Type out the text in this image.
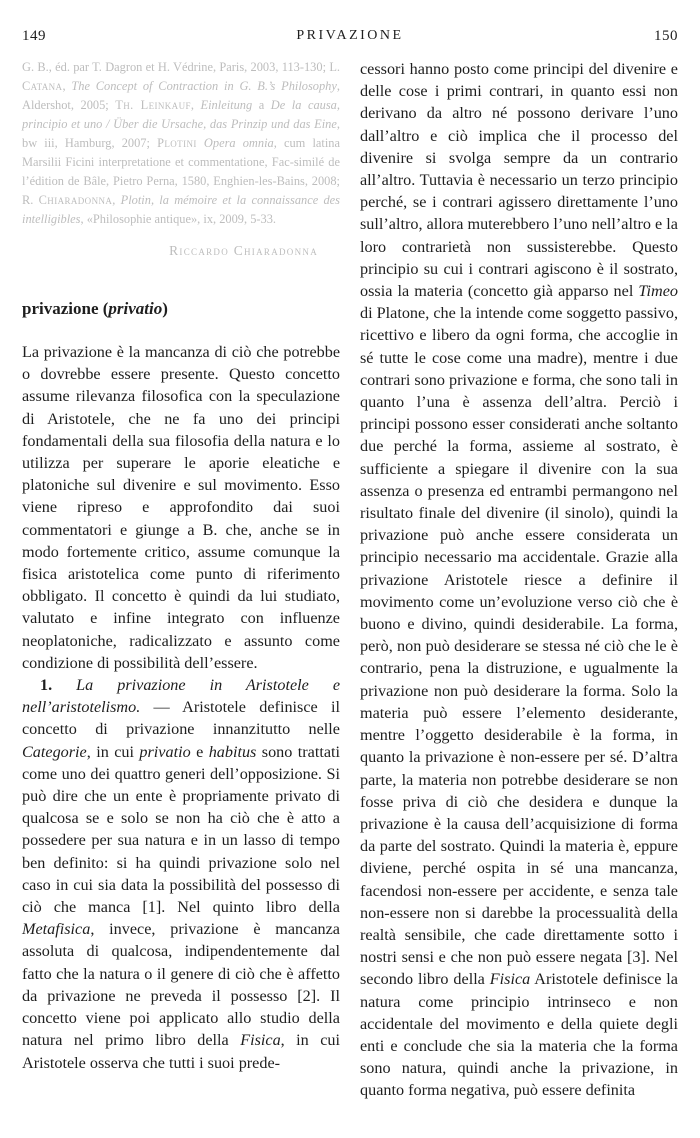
149	PRIVAZIONE	150

G. B., éd. par T. Dagron et H. Védrine, Paris, 2003, 113-130; L. Catana, The Concept of Contraction in G. B.’s Philosophy, Aldershot, 2005; Th. Leinkauf, Einleitung a De la causa, principio et uno / Über die Ursache, das Prinzip und das Eine, bw iii, Hamburg, 2007; Plotini Opera omnia, cum latina Marsilii Ficini interpretatione et commentatione, Fac-similé de l’édition de Bâle, Pietro Perna, 1580, Enghien-les-Bains, 2008; R. Chiaradonna, Plotin, la mémoire et la connaissance des intelligibles, «Philosophie antique», ix, 2009, 5-33.

Riccardo Chiaradonna
privazione (privatio)

La privazione è la mancanza di ciò che potrebbe o dovrebbe essere presente. Questo concetto assume rilevanza filosofica con la speculazione di Aristotele, che ne fa uno dei principi fondamentali della sua filosofia della natura e lo utilizza per superare le aporie eleatiche e platoniche sul divenire e sul movimento. Esso viene ripreso e approfondito dai suoi commentatori e giunge a B. che, anche se in modo fortemente critico, assume comunque la fisica aristotelica come punto di riferimento obbligato. Il concetto è quindi da lui studiato, valutato e infine integrato con influenze neoplatoniche, radicalizzato e assunto come condizione di possibilità dell’essere.

1. La privazione in Aristotele e nell’aristotelismo. — Aristotele definisce il concetto di privazione innanzitutto nelle Categorie, in cui privatio e habitus sono trattati come uno dei quattro generi dell’opposizione. Si può dire che un ente è propriamente privato di qualcosa se e solo se non ha ciò che è atto a possedere per sua natura e in un lasso di tempo ben definito: si ha quindi privazione solo nel caso in cui sia data la possibilità del possesso di ciò che manca [1]. Nel quinto libro della Metafisica, invece, privazione è mancanza assoluta di qualcosa, indipendentemente dal fatto che la natura o il genere di ciò che è affetto da privazione ne preveda il possesso [2]. Il concetto viene poi applicato allo studio della natura nel primo libro della Fisica, in cui Aristotele osserva che tutti i suoi prede-

cessori hanno posto come principi del divenire e delle cose i primi contrari, in quanto essi non derivano da altro né possono derivare l’uno dall’altro e ciò implica che il processo del divenire si svolga sempre da un contrario all’altro. Tuttavia è necessario un terzo principio perché, se i contrari agissero direttamente l’uno sull’altro, allora muterebbero l’uno nell’altro e la loro contrarietà non sussisterebbe. Questo principio su cui i contrari agiscono è il sostrato, ossia la materia (concetto già apparso nel Timeo di Platone, che la intende come soggetto passivo, ricettivo e libero da ogni forma, che accoglie in sé tutte le cose come una madre), mentre i due contrari sono privazione e forma, che sono tali in quanto l’una è assenza dell’altra. Perciò i principi possono esser considerati anche soltanto due perché la forma, assieme al sostrato, è sufficiente a spiegare il divenire con la sua assenza o presenza ed entrambi permangono nel risultato finale del divenire (il sinolo), quindi la privazione può anche essere considerata un principio necessario ma accidentale. Grazie alla privazione Aristotele riesce a definire il movimento come un’evoluzione verso ciò che è buono e divino, quindi desiderabile. La forma, però, non può desiderare se stessa né ciò che le è contrario, pena la distruzione, e ugualmente la privazione non può desiderare la forma. Solo la materia può essere l’elemento desiderante, mentre l’oggetto desiderabile è la forma, in quanto la privazione è non-essere per sé. D’altra parte, la materia non potrebbe desiderare se non fosse priva di ciò che desidera e dunque la privazione è la causa dell’acquisizione di forma da parte del sostrato. Quindi la materia è, eppure diviene, perché ospita in sé una mancanza, facendosi non-essere per accidente, e senza tale non-essere non si darebbe la processualità della realtà sensibile, che cade direttamente sotto i nostri sensi e che non può essere negata [3]. Nel secondo libro della Fisica Aristotele definisce la natura come principio intrinseco e non accidentale del movimento e della quiete degli enti e conclude che sia la materia che la forma sono natura, quindi anche la privazione, in quanto forma negativa, può essere definita
